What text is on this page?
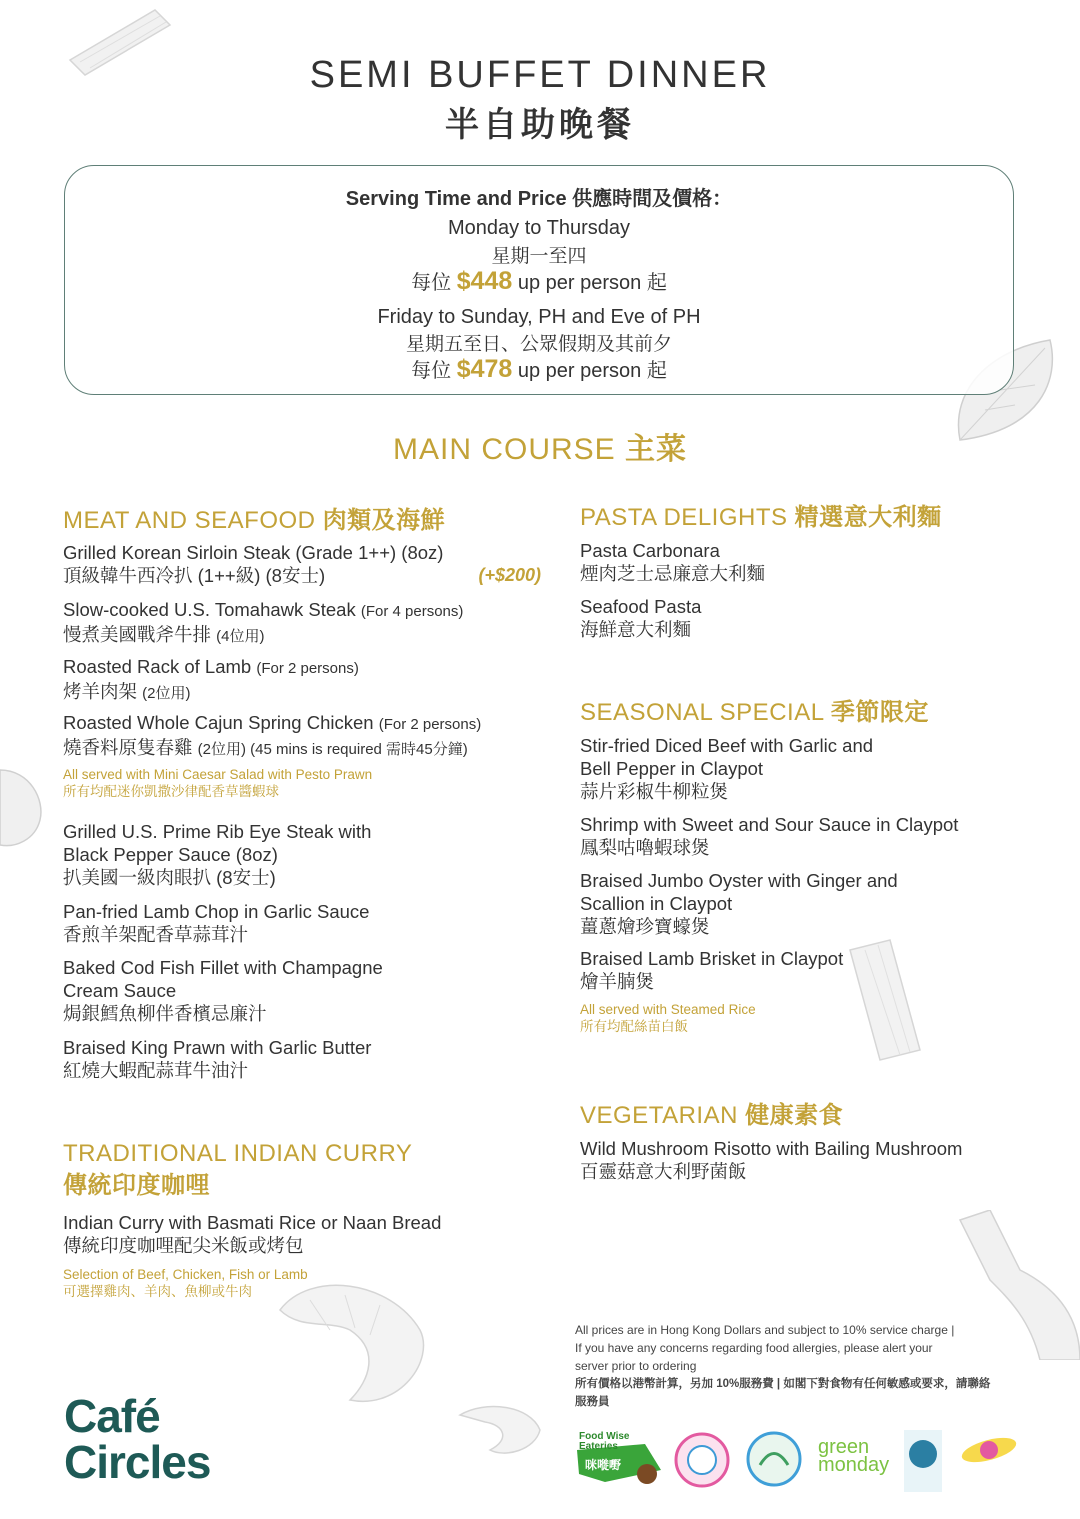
SEMI BUFFET DINNER
半自助晚餐
Serving Time and Price 供應時間及價格：
Monday to Thursday
星期一至四
每位 $448 up per person 起
Friday to Sunday, PH and Eve of PH
星期五至日、公眾假期及其前夕
每位 $478 up per person 起
MAIN COURSE 主菜
MEAT AND SEAFOOD 肉類及海鮮
Grilled Korean Sirloin Steak (Grade 1++) (8oz)
頂級韓牛西冷扒 (1++級) (8安士)	(+$200)
Slow-cooked U.S. Tomahawk Steak (For 4 persons)
慢煮美國戰斧牛排 (4位用)
Roasted Rack of Lamb (For 2 persons)
烤羊肉架 (2位用)
Roasted Whole Cajun Spring Chicken (For 2 persons)
燒香料原隻春雞 (2位用) (45 mins is required 需時45分鐘)
All served with Mini Caesar Salad with Pesto Prawn
所有均配迷你凱撒沙律配香草醬蝦球
Grilled U.S. Prime Rib Eye Steak with
Black Pepper Sauce (8oz)
扒美國一級肉眼扒 (8安士)
Pan-fried Lamb Chop in Garlic Sauce
香煎羊架配香草蒜茸汁
Baked Cod Fish Fillet with Champagne
Cream Sauce
焗銀鱈魚柳伴香檳忌廉汁
Braised King Prawn with Garlic Butter
紅燒大蝦配蒜茸牛油汁
TRADITIONAL INDIAN CURRY
傳統印度咖哩
Indian Curry with Basmati Rice or Naan Bread
傳統印度咖哩配尖米飯或烤包
Selection of Beef, Chicken, Fish or Lamb
可選擇雞肉、羊肉、魚柳或牛肉
PASTA DELIGHTS 精選意大利麵
Pasta Carbonara
煙肉芝士忌廉意大利麵
Seafood Pasta
海鮮意大利麵
SEASONAL SPECIAL 季節限定
Stir-fried Diced Beef with Garlic and
Bell Pepper in Claypot
蒜片彩椒牛柳粒煲
Shrimp with Sweet and Sour Sauce in Claypot
鳳梨咕嚕蝦球煲
Braised Jumbo Oyster with Ginger and
Scallion in Claypot
薑蔥燴珍寶蠔煲
Braised Lamb Brisket in Claypot
燴羊腩煲
All served with Steamed Rice
所有均配絲苗白飯
VEGETARIAN 健康素食
Wild Mushroom Risotto with Bailing Mushroom
百靈菇意大利野菌飯
All prices are in Hong Kong Dollars and subject to 10% service charge |
If you have any concerns regarding food allergies, please alert your
server prior to ordering
所有價格以港幣計算，另加 10%服務費 | 如閣下對食物有任何敏感或要求，請聯絡
服務員
Café
Circles	Food Wise
Eateries
咪嘥嘢
green
monday
